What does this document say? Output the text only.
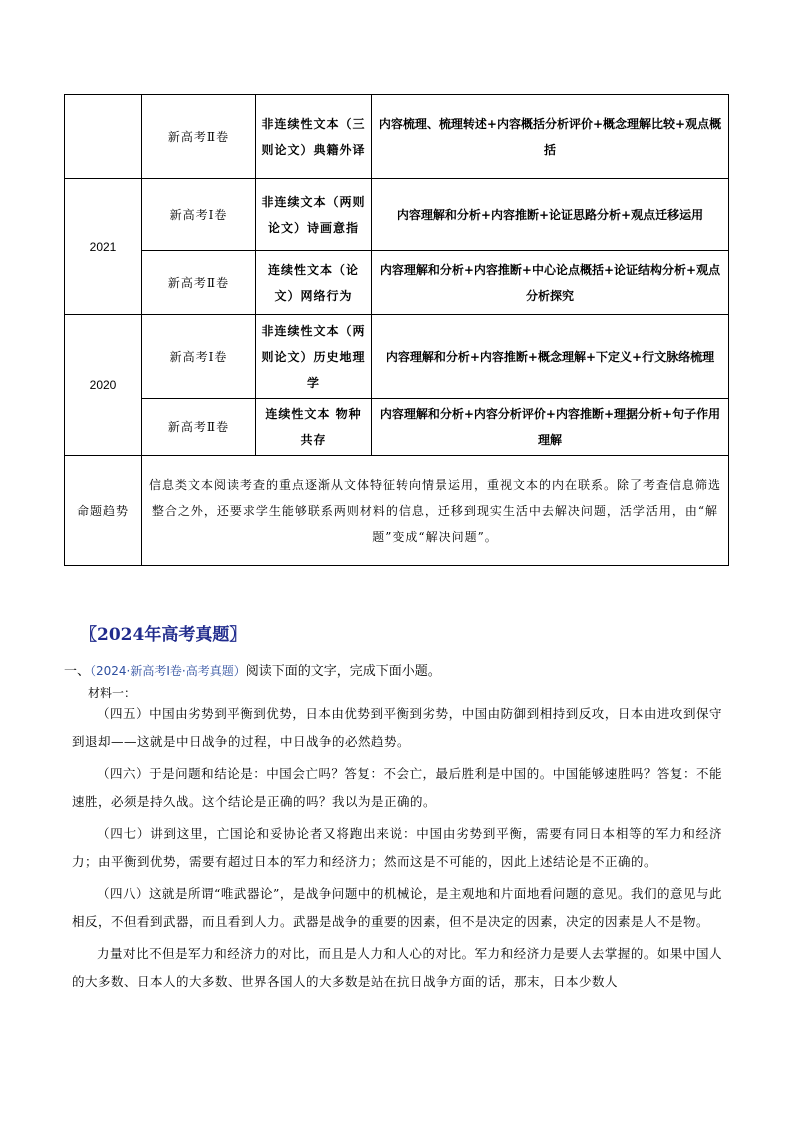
	新高考Ⅱ卷	非连续性文本（三则论文）典籍外译	内容梳理、梳理转述+内容概括分析评价+概念理解比较+观点概括
2021	新高考Ⅰ卷	非连续文本（两则论文）诗画意指	内容理解和分析+内容推断+论证思路分析+观点迁移运用
	新高考Ⅱ卷	连续性文本（论文）网络行为	内容理解和分析+内容推断+中心论点概括+论证结构分析+观点分析探究
2020	新高考Ⅰ卷	非连续性文本（两则论文）历史地理学	内容理解和分析+内容推断+概念理解+下定义+行文脉络梳理
	新高考Ⅱ卷	连续性文本 物种共存	内容理解和分析+内容分析评价+内容推断+理据分析+句子作用理解
命题趋势	信息类文本阅读考查的重点逐渐从文体特征转向情景运用，重视文本的内在联系。除了考查信息筛选整合之外，还要求学生能够联系两则材料的信息，迁移到现实生活中去解决问题，活学活用，由“解题”变成“解决问题”。		
〖2024年高考真题〗

一、（2024·新高考Ⅰ卷·高考真题）阅读下面的文字，完成下面小题。

材料一：

（四五）中国由劣势到平衡到优势，日本由优势到平衡到劣势，中国由防御到相持到反攻，日本由进攻到保守到退却——这就是中日战争的过程，中日战争的必然趋势。

（四六）于是问题和结论是：中国会亡吗？答复：不会亡，最后胜利是中国的。中国能够速胜吗？答复：不能速胜，必须是持久战。这个结论是正确的吗？我以为是正确的。

（四七）讲到这里，亡国论和妥协论者又将跑出来说：中国由劣势到平衡，需要有同日本相等的军力和经济力；由平衡到优势，需要有超过日本的军力和经济力；然而这是不可能的，因此上述结论是不正确的。

（四八）这就是所谓“唯武器论”，是战争问题中的机械论，是主观地和片面地看问题的意见。我们的意见与此相反，不但看到武器，而且看到人力。武器是战争的重要的因素，但不是决定的因素，决定的因素是人不是物。

力量对比不但是军力和经济力的对比，而且是人力和人心的对比。军力和经济力是要人去掌握的。如果中国人的大多数、日本人的大多数、世界各国人的大多数是站在抗日战争方面的话，那末，日本少数人
